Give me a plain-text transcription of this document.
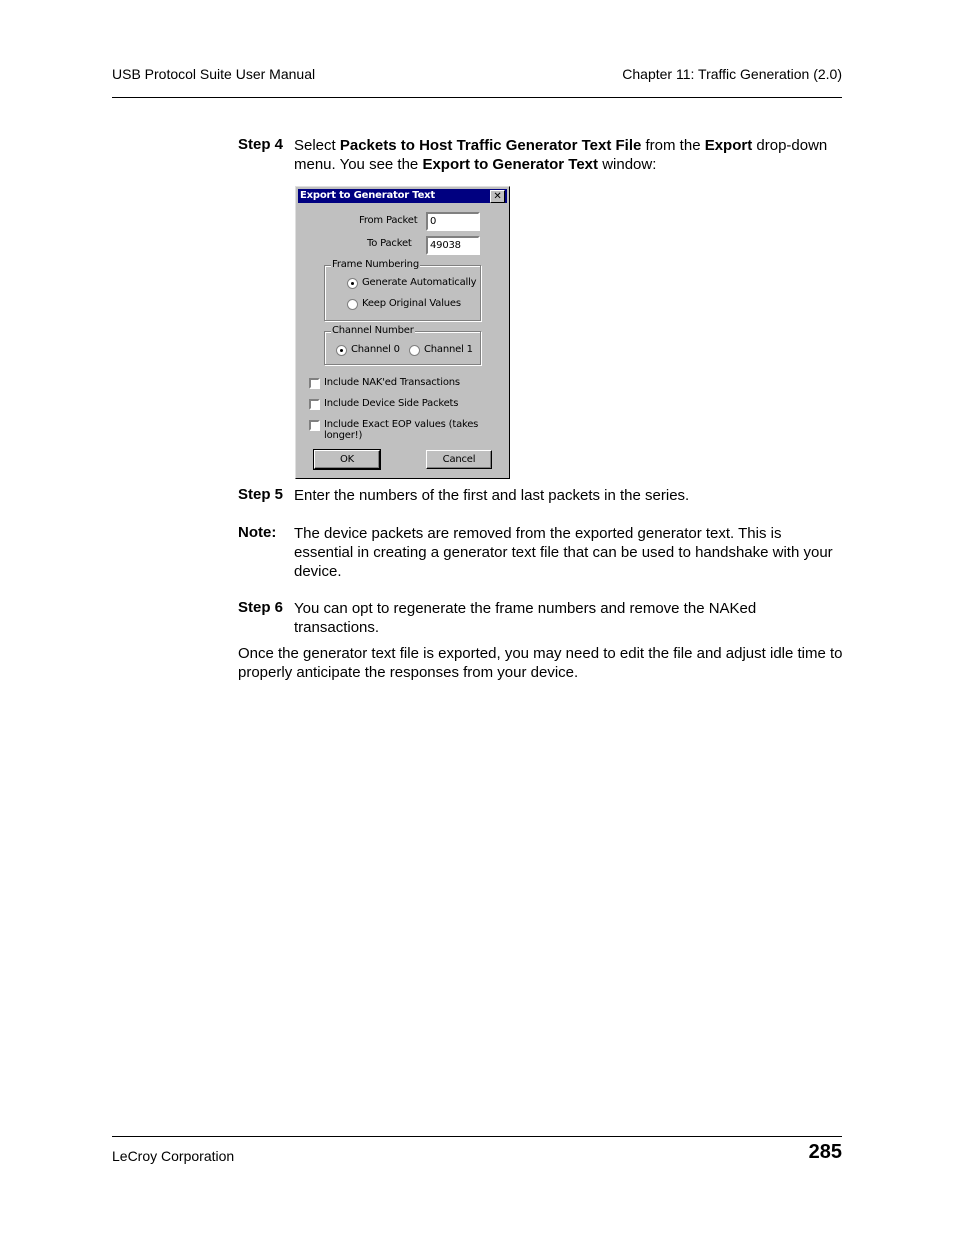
USB Protocol Suite User Manual	Chapter 11: Traffic Generation (2.0)
Step 4 Select Packets to Host Traffic Generator Text File from the Export drop-down menu. You see the Export to Generator Text window:
Export to Generator Text	✕
From Packet	0
To Packet	49038
Frame Numbering
Generate Automatically
Keep Original Values
Channel Number
Channel 0 Channel 1
Include NAK'ed Transactions
Include Device Side Packets
Include Exact EOP values (takes longer!)
OK	Cancel
Step 5 Enter the numbers of the first and last packets in the series.
Note: The device packets are removed from the exported generator text. This is essential in creating a generator text file that can be used to handshake with your device.
Step 6 You can opt to regenerate the frame numbers and remove the NAKed transactions.
Once the generator text file is exported, you may need to edit the file and adjust idle time to properly anticipate the responses from your device.
LeCroy Corporation	285
